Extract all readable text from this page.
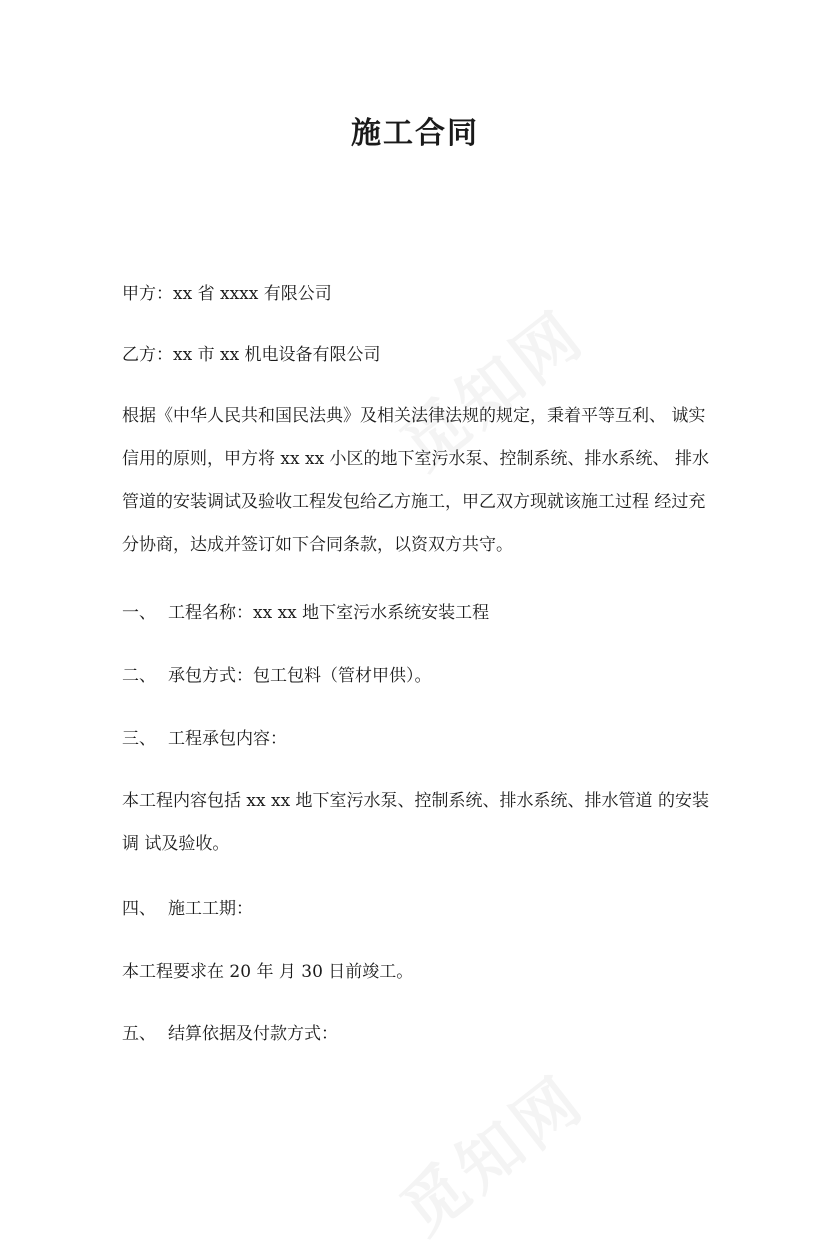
施工合同
甲方：xx 省 xxxx 有限公司
乙方：xx 市 xx 机电设备有限公司
根据《中华人民共和国民法典》及相关法律法规的规定，秉着平等互利、 诚实
信用的原则，甲方将 xx xx 小区的地下室污水泵、控制系统、排水系统、 排水
管道的安装调试及验收工程发包给乙方施工，甲乙双方现就该施工过程 经过充
分协商，达成并签订如下合同条款，以资双方共守。
一、 工程名称：xx xx 地下室污水系统安装工程
二、 承包方式：包工包料（管材甲供）。
三、 工程承包内容：
本工程内容包括 xx xx 地下室污水泵、控制系统、排水系统、排水管道 的安装
调 试及验收。
四、 施工工期：
本工程要求在 20 年 月 30 日前竣工。
五、 结算依据及付款方式：
